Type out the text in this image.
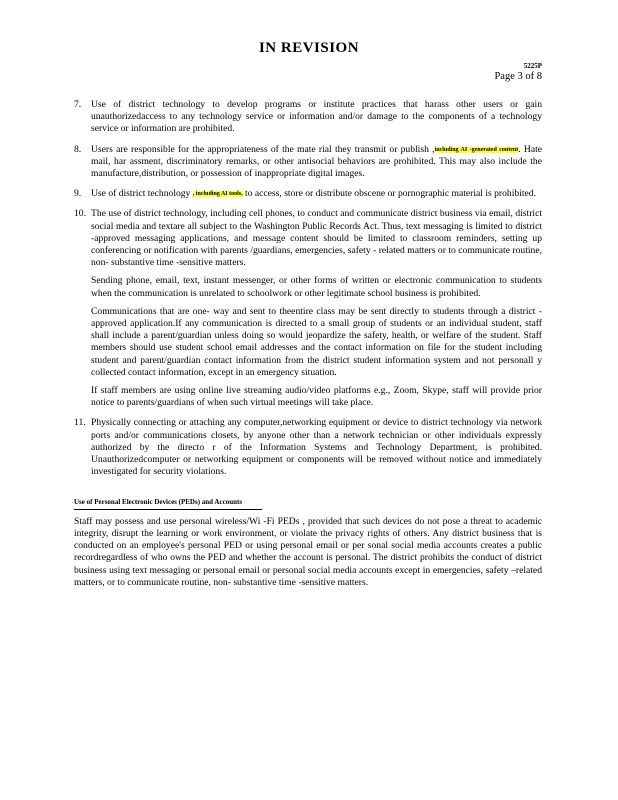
IN REVISION
5225P
Page 3 of 8
7. Use of district technology to develop programs or institute practices that harass other users or gain unauthorizedaccess to any technology service or information and/or damage to the components of a technology service or information are prohibited.
8. Users are responsible for the appropriateness of the mate rial they transmit or publish ,including AI -generated content. Hate mail, har assment, discriminatory remarks, or other antisocial behaviors are prohibited. This may also include the manufacture,distribution, or possession of inappropriate digital images.
9. Use of district technology , including AI tools, to access, store or distribute obscene or pornographic material is prohibited.
10. The use of district technology, including cell phones, to conduct and communicate district business via email, district social media and textare all subject to the Washington Public Records Act. Thus, text messaging is limited to district -approved messaging applications, and message content should be limited to classroom reminders, setting up conferencing or notification with parents /guardians, emergencies, safety - related matters or to communicate routine, non- substantive time -sensitive matters.
Sending phone, email, text, instant messenger, or other forms of written or electronic communication to students when the communication is unrelated to schoolwork or other legitimate school business is prohibited.
Communications that are one- way and sent to theentire class may be sent directly to students through a district -approved application.If any communication is directed to a small group of students or an individual student, staff shall include a parent/guardian unless doing so would jeopardize the safety, health, or welfare of the student. Staff members should use student school email addresses and the contact information on file for the student including student and parent/guardian contact information from the district student information system and not personall y collected contact information, except in an emergency situation.
If staff members are using online live streaming audio/video platforms e.g., Zoom, Skype, staff will provide prior notice to parents/guardians of when such virtual meetings will take place.
11. Physically connecting or attaching any computer,networking equipment or device to district technology via network ports and/or communications closets, by anyone other than a network technician or other individuals expressly authorized by the directo r of the Information Systems and Technology Department, is prohibited. Unauthorizedcomputer or networking equipment or components will be removed without notice and immediately investigated for security violations.
Use of Personal Electronic Devices (PEDs) and Accounts
Staff may possess and use personal wireless/Wi -Fi PEDs , provided that such devices do not pose a threat to academic integrity, disrupt the learning or work environment, or violate the privacy rights of others. Any district business that is conducted on an employee's personal PED or using personal email or per sonal social media accounts creates a public recordregardless of who owns the PED and whether the account is personal. The district prohibits the conduct of district business using text messaging or personal email or personal social media accounts except in emergencies, safety –related matters, or to communicate routine, non- substantive time -sensitive matters.
